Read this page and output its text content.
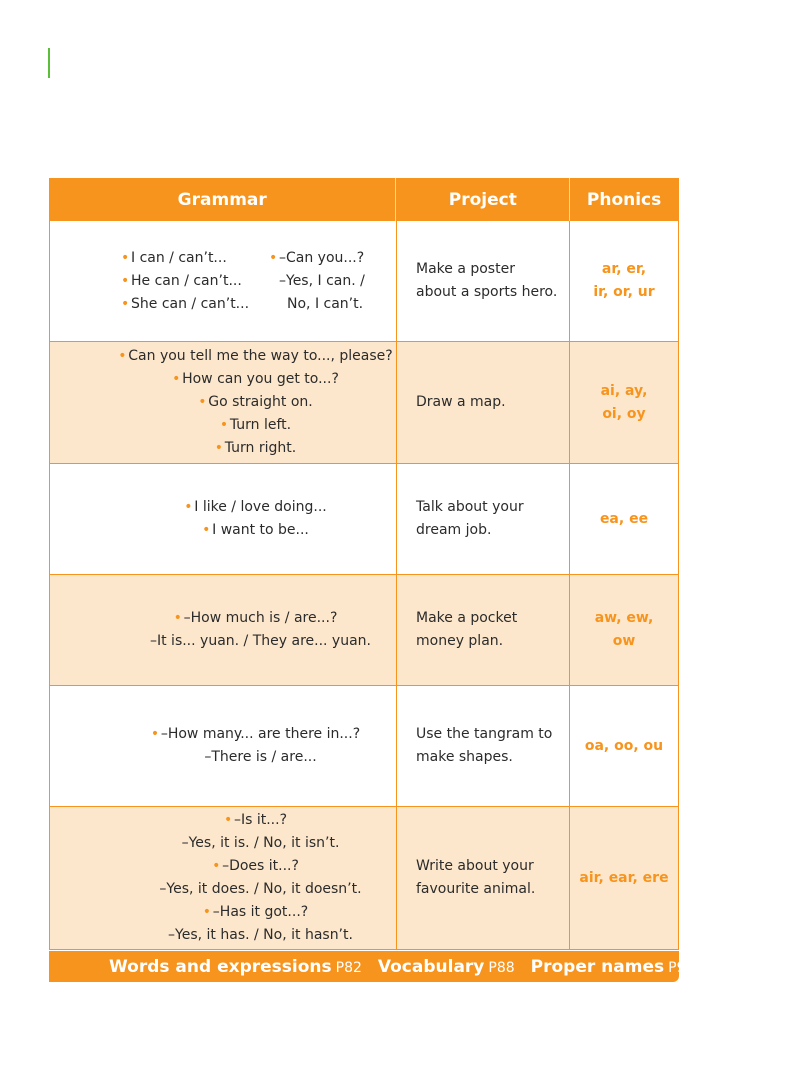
Grammar	Project	Phonics
• I can / can’t...
• He can / can’t...
• She can / can’t...
• –Can you...?
–Yes, I can. /
No, I can’t.
Make a poster
about a sports hero.
ar, er,
ir, or, ur
• Can you tell me the way to..., please?
• How can you get to...?
• Go straight on.
• Turn left.
• Turn right.
Draw a map.
ai, ay,
oi, oy
• I like / love doing...
• I want to be...
Talk about your
dream job.
ea, ee
• –How much is / are...?
–It is... yuan. / They are... yuan.
Make a pocket
money plan.
aw, ew,
ow
• –How many... are there in...?
–There is / are...
Use the tangram to
make shapes.
oa, oo, ou
• –Is it...?
–Yes, it is. / No, it isn’t.
• –Does it...?
–Yes, it does. / No, it doesn’t.
• –Has it got...?
–Yes, it has. / No, it hasn’t.
Write about your
favourite animal.
air, ear, ere
Words and expressions P82 Vocabulary P88 Proper names P96
